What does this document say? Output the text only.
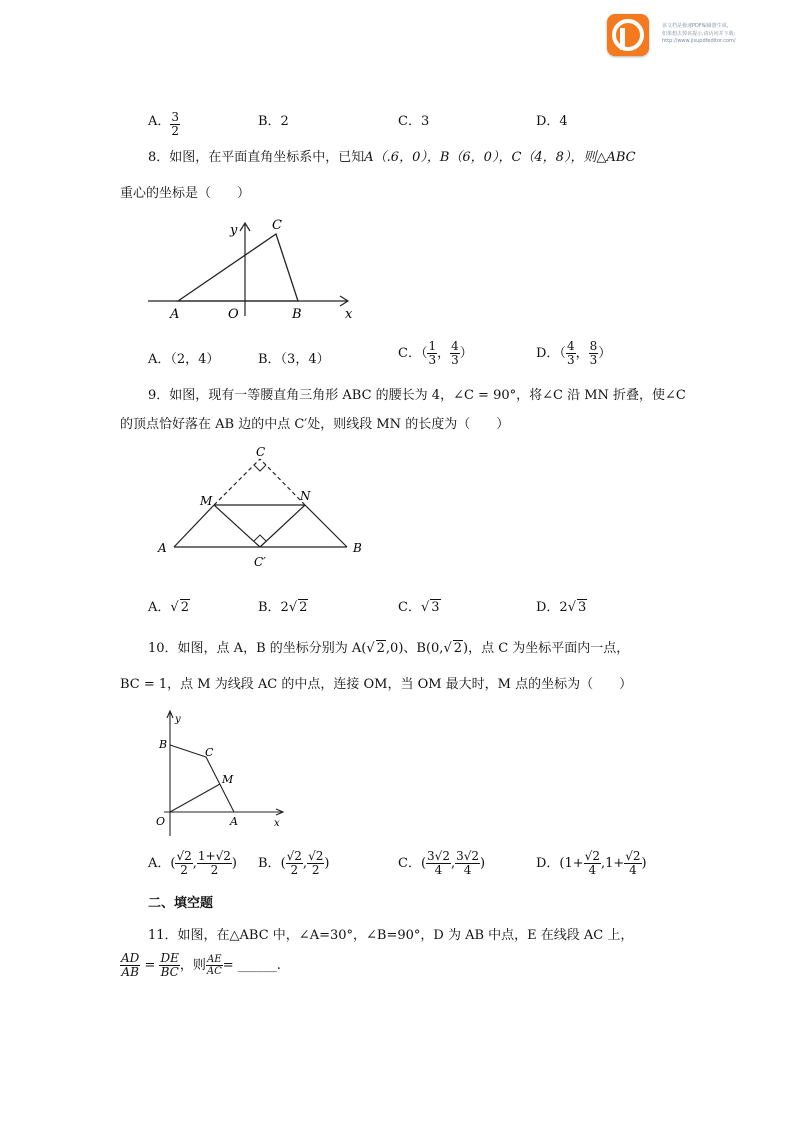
该文档是极速PDF编辑器生成,
如果想去掉该提示,请访问并下载:
http://www.jisupdfeditor.com/
A． $\frac{3}{2}$	B．2	C．3	D．4
8．如图，在平面直角坐标系中，已知A（.6，0），B（6，0），C（4，8），则△ABC
重心的坐标是（　　）
A	O	B
C
x
y
A．（2，4）	B．（3，4）	C．（ $\frac{1}{3}$ ， $\frac{4}{3}$ ）	D．（ $\frac{4}{3}$ ， $\frac{8}{3}$ ）
9．如图，现有一等腰直角三角形 ABC 的腰长为 4，∠C = 90°，将∠C 沿 MN 折叠，使∠C
的顶点恰好落在 AB 边的中点 C′处，则线段 MN 的长度为（　　）
A	B
C
C′
M	N
A．√ 2	B．2√ 2	C．√ 3	D．2√ 3
10．如图，点 A，B 的坐标分别为 A(√ 2,0)、B(0,√ 2)，点 C 为坐标平面内一点，
BC = 1，点 M 为线段 AC 的中点，连接 OM，当 OM 最大时，M 点的坐标为（　　）
B
C
M
O	A	x
y
A．( $\frac{√2}{2}$ , $\frac{1+√2}{2}$ ) B．( $\frac{√2}{2}$ , $\frac{√2}{2}$ )	C．( $\frac{3√2}{4}$ , $\frac{3√2}{4}$ )	D．($1+ \frac{√2}{4} ,1+ \frac{√2}{4}$ )
二、填空题
11．如图，在△ABC 中，∠A=30°，∠B=90°，D 为 AB 中点，E 在线段 AC 上，
$\frac{AD}{AB} = \frac{DE}{BC}$ ，则 $\frac{AE}{AC}$ = ______.
